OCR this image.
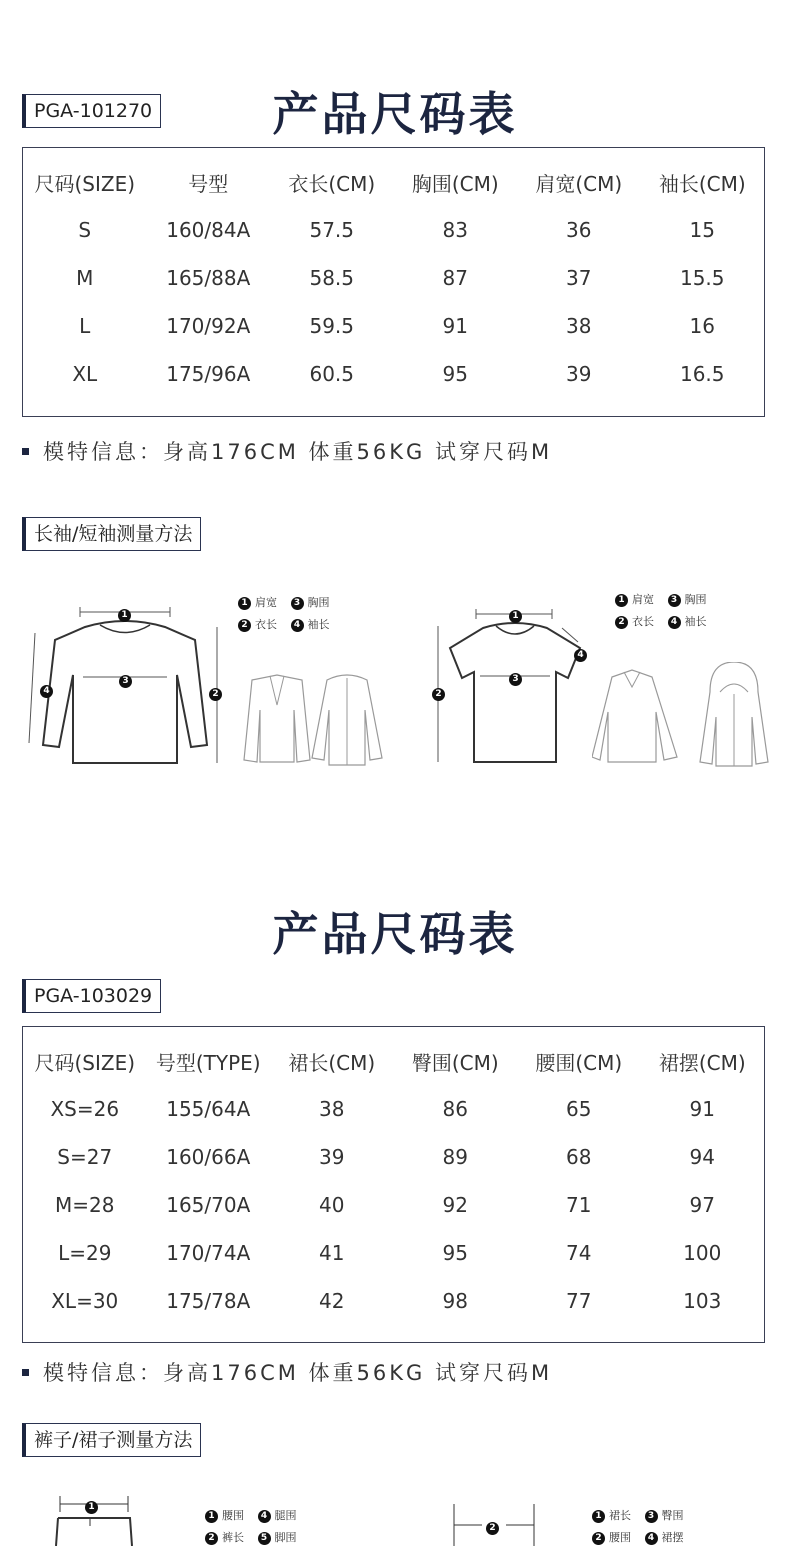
产品尺码表
PGA-101270
尺码(SIZE)	号型	衣长(CM)	胸围(CM)	肩宽(CM)	袖长(CM)
S	160/84A	57.5	83	36	15
M	165/88A	58.5	87	37	15.5
L	170/92A	59.5	91	38	16
XL	175/96A	60.5	95	39	16.5
模特信息：身高176CM 体重56KG 试穿尺码M
长袖/短袖测量方法
1
3
2
4
1 肩宽 3 胸围
2 衣长 4 袖长
1
3
2
4
1 肩宽 3 胸围
2 衣长 4 袖长
产品尺码表
PGA-103029
尺码(SIZE)	号型(TYPE)	裙长(CM)	臀围(CM)	腰围(CM)	裙摆(CM)
XS=26	155/64A	38	86	65	91
S=27	160/66A	39	89	68	94
M=28	165/70A	40	92	71	97
L=29	170/74A	41	95	74	100
XL=30	175/78A	42	98	77	103
模特信息：身高176CM 体重56KG 试穿尺码M
裤子/裙子测量方法
1
1 腰围 4 腿围
2 裤长 5 脚围
2
1 裙长 3 臀围
2 腰围 4 裙摆
